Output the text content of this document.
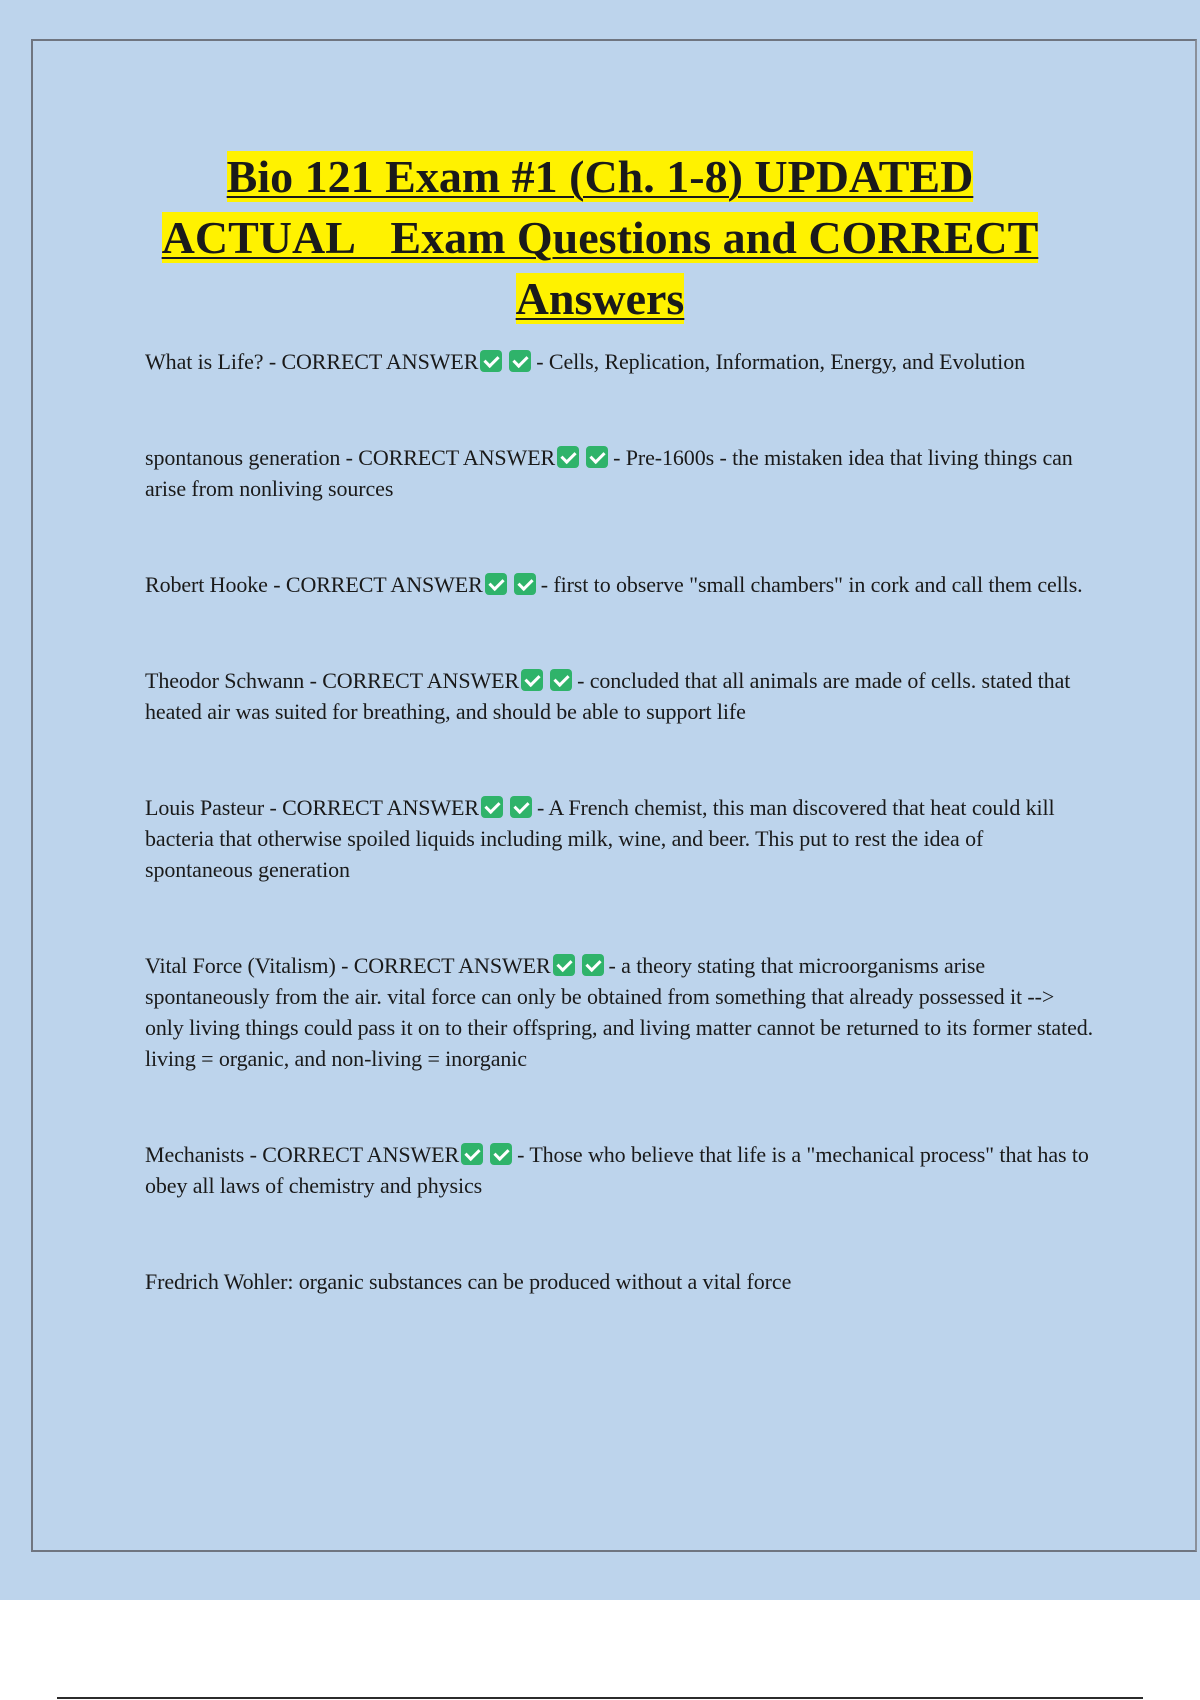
Bio 121 Exam #1 (Ch. 1-8) UPDATED
ACTUAL   Exam Questions and CORRECT
Answers

What is Life? - CORRECT ANSWER	- Cells, Replication, Information, Energy, and Evolution

spontanous generation - CORRECT ANSWER	- Pre-1600s - the mistaken idea that living things can arise from nonliving sources

Robert Hooke - CORRECT ANSWER	- first to observe "small chambers" in cork and call them cells.

Theodor Schwann - CORRECT ANSWER	- concluded that all animals are made of cells. stated that heated air was suited for breathing, and should be able to support life

Louis Pasteur - CORRECT ANSWER	- A French chemist, this man discovered that heat could kill bacteria that otherwise spoiled liquids including milk, wine, and beer. This put to rest the idea of spontaneous generation

Vital Force (Vitalism) - CORRECT ANSWER	- a theory stating that microorganisms arise spontaneously from the air. vital force can only be obtained from something that already possessed it --> only living things could pass it on to their offspring, and living matter cannot be returned to its former stated. living = organic, and non-living = inorganic

Mechanists - CORRECT ANSWER	- Those who believe that life is a "mechanical process" that has to obey all laws of chemistry and physics

Fredrich Wohler: organic substances can be produced without a vital force
